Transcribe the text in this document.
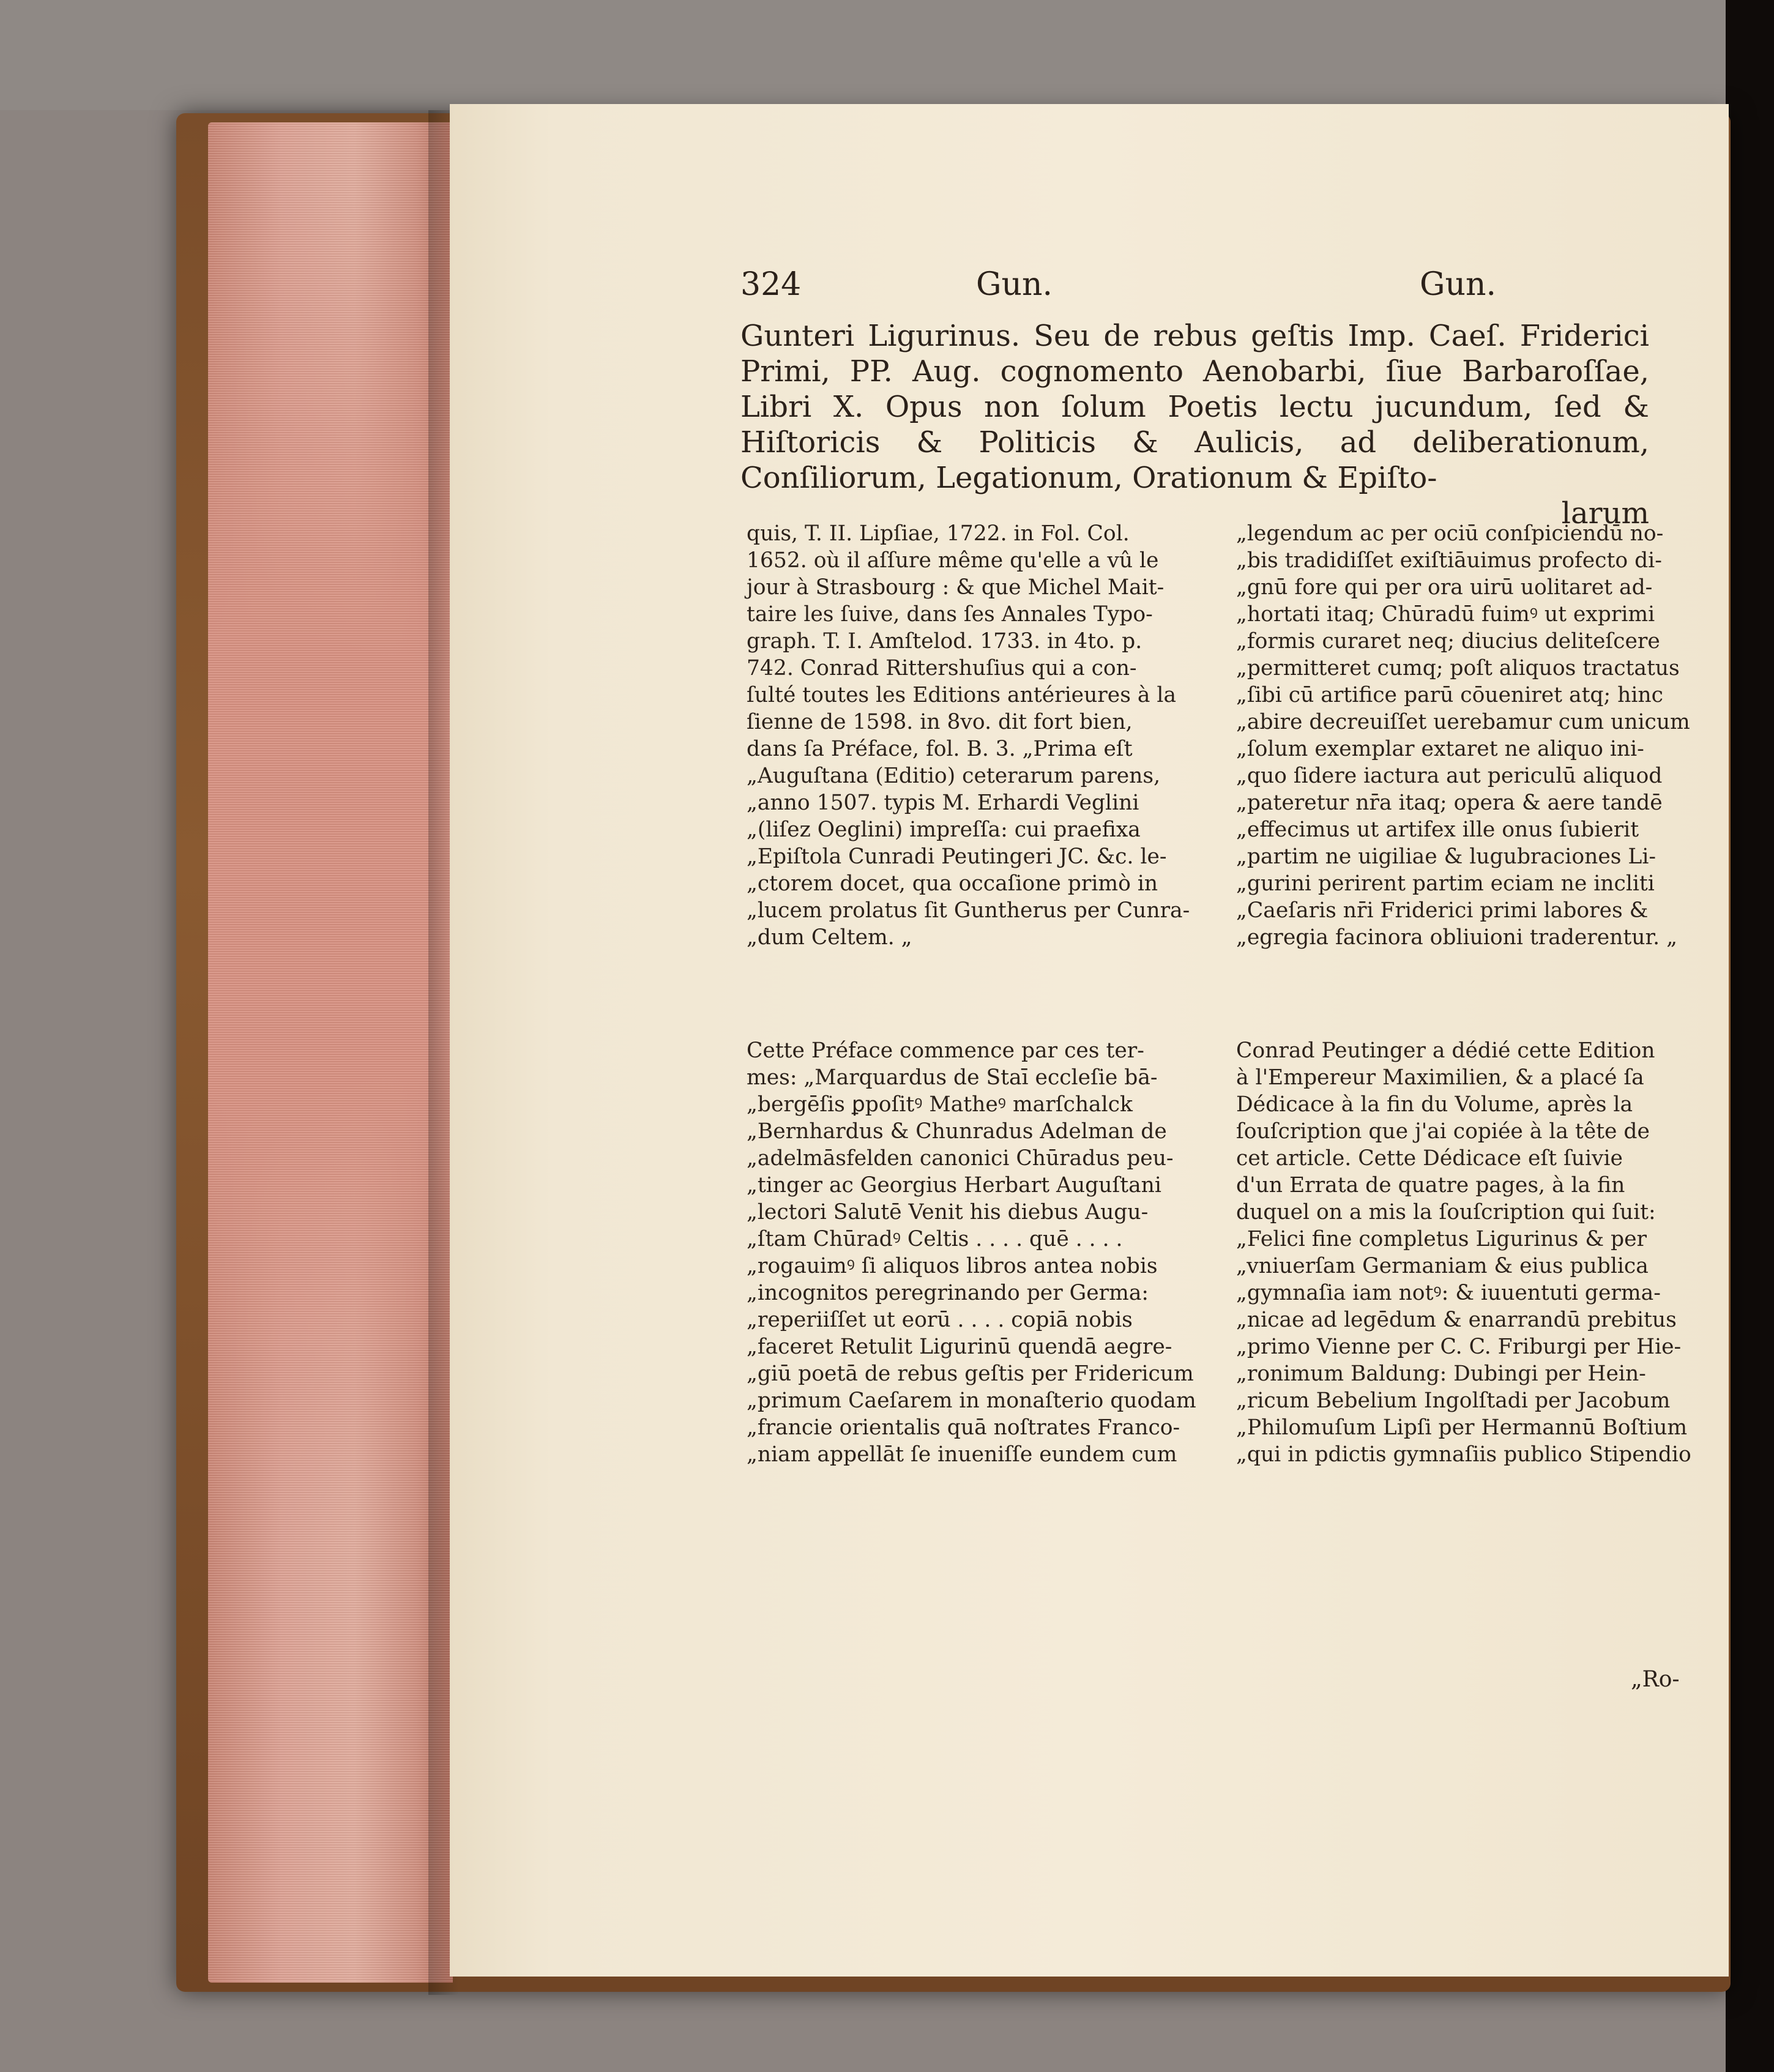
324	Gun.	Gun.
Gunteri Ligurinus. Seu de rebus geſtis Imp. Caeſ. Friderici Primi, PP. Aug. cognomento Aenobarbi, ſiue Barbaroſſae, Libri X. Opus non ſolum Poetis lectu jucundum, ſed & Hiſtoricis & Politicis & Aulicis, ad deliberationum, Conſiliorum, Legationum, Orationum & Epiſto-
larum
quis, T. II. Lipſiae, 1722. in Fol. Col.
1652. où il aſſure même qu'elle a vû le
jour à Strasbourg : & que Michel Mait-
taire les ſuive, dans ſes Annales Typo-
graph. T. I. Amſtelod. 1733. in 4to. p.
742. Conrad Rittershuſius qui a con-
ſulté toutes les Editions antérieures à la
ſienne de 1598. in 8vo. dit fort bien,
dans ſa Préface, fol. B. 3. „Prima eſt
„Auguſtana (Editio) ceterarum parens,
„anno 1507. typis M. Erhardi Veglini
„(liſez Oeglini) impreſſa: cui praefixa
„Epiſtola Cunradi Peutingeri JC. &c. le-
„ctorem docet, qua occaſione primò in
„lucem prolatus ſit Guntherus per Cunra-
„dum Celtem. „
Cette Préface commence par ces ter-
mes: „Marquardus de Staī eccleſie bā-
„bergēſis ꝑpoſitꝰ Matheꝰ marſchalck
„Bernhardus & Chunradus Adelman de
„adelmāsfelden canonici Chūradus peu-
„tinger ac Georgius Herbart Auguſtani
„lectori Salutē Venit his diebus Augu-
„ſtam Chūradꝰ Celtis . . . . quē . . . .
„rogauimꝰ ſi aliquos libros antea nobis
„incognitos peregrinando per Germa:
„reperiiſſet ut eorū . . . . copiā nobis
„faceret Retulit Ligurinū quendā aegre-
„giū poetā de rebus geſtis per Fridericum
„primum Caeſarem in monaſterio quodam
„francie orientalis quā noſtrates Franco-
„niam appellāt ſe inueniſſe eundem cum
„legendum ac per ociū conſpiciendū no-
„bis tradidiſſet exiſtiāuimus profecto di-
„gnū fore qui per ora uirū uolitaret ad-
„hortati itaq; Chūradū fuimꝰ ut exprimi
„formis curaret neq; diucius deliteſcere
„permitteret cumq; poſt aliquos tractatus
„ſibi cū artifice parū cōueniret atq; hinc
„abire decreuiſſet uerebamur cum unicum
„ſolum exemplar extaret ne aliquo ini-
„quo ſidere iactura aut periculū aliquod
„pateretur nr̄a itaq; opera & aere tandē
„effecimus ut artifex ille onus ſubierit
„partim ne uigiliae & lugubraciones Li-
„gurini perirent partim eciam ne incliti
„Caeſaris nr̄i Friderici primi labores &
„egregia facinora obliuioni traderentur. „
Conrad Peutinger a dédié cette Edition
à l'Empereur Maximilien, & a placé ſa
Dédicace à la fin du Volume, après la
ſouſcription que j'ai copiée à la tête de
cet article. Cette Dédicace eſt ſuivie
d'un Errata de quatre pages, à la fin
duquel on a mis la ſouſcription qui ſuit:
„Felici fine completus Ligurinus & per
„vniuerſam Germaniam & eius publica
„gymnaſia iam notꝰ: & iuuentuti germa-
„nicae ad legēdum & enarrandū prebitus
„primo Vienne per C. C. Friburgi per Hie-
„ronimum Baldung: Dubingi per Hein-
„ricum Bebelium Ingolſtadi per Jacobum
„Philomuſum Lipſi per Hermannū Boſtium
„qui in pdictis gymnaſiis publico Stipendio
„Ro-
